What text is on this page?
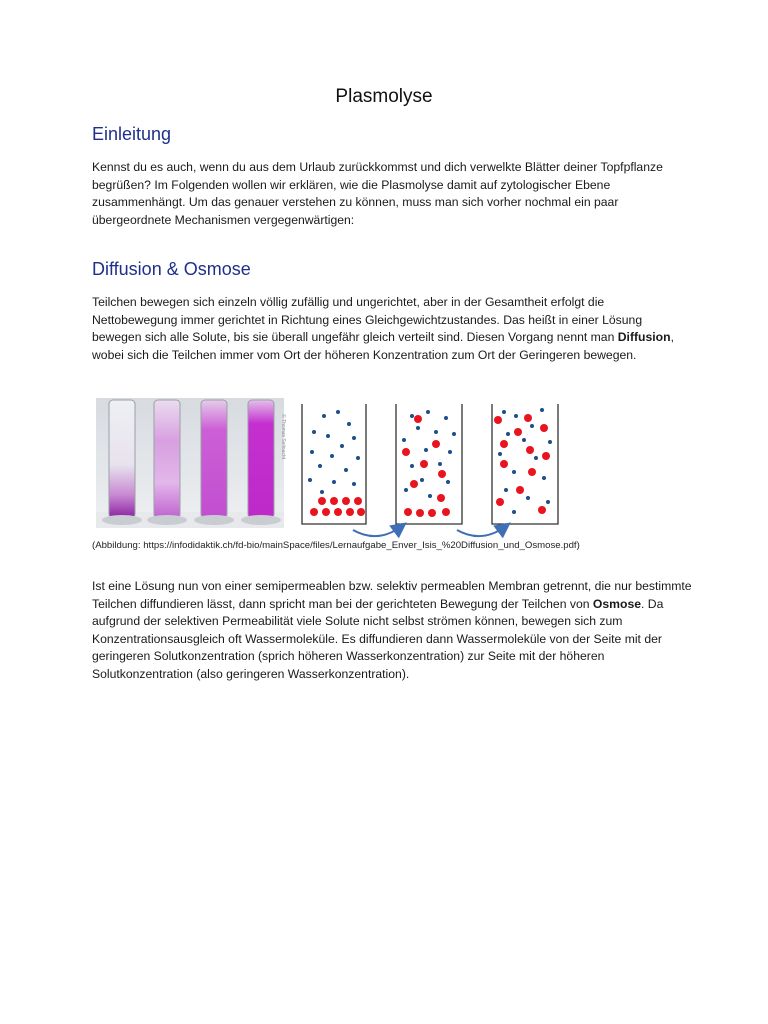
Plasmolyse
Einleitung
Kennst du es auch, wenn du aus dem Urlaub zurückkommst und dich verwelkte Blätter deiner Topfpflanze begrüßen? Im Folgenden wollen wir erklären, wie die Plasmolyse damit auf zytologischer Ebene zusammenhängt. Um das genauer verstehen zu können, muss man sich vorher nochmal ein paar übergeordnete Mechanismen vergegenwärtigen:
Diffusion & Osmose
Teilchen bewegen sich einzeln völlig zufällig und ungerichtet, aber in der Gesamtheit erfolgt die Nettobewegung immer gerichtet in Richtung eines Gleichgewichtzustandes. Das heißt in einer Lösung bewegen sich alle Solute, bis sie überall ungefähr gleich verteilt sind. Diesen Vorgang nennt man Diffusion, wobei sich die Teilchen immer vom Ort der höheren Konzentration zum Ort der Geringeren bewegen.
© Thomas Seilnacht
(Abbildung: https://infodidaktik.ch/fd-bio/mainSpace/files/Lernaufgabe_Enver_Isis_%20Diffusion_und_Osmose.pdf)
Ist eine Lösung nun von einer semipermeablen bzw. selektiv permeablen Membran getrennt, die nur bestimmte Teilchen diffundieren lässt, dann spricht man bei der gerichteten Bewegung der Teilchen von Osmose. Da aufgrund der selektiven Permeabilität viele Solute nicht selbst strömen können, bewegen sich zum Konzentrationsausgleich oft Wassermoleküle. Es diffundieren dann Wassermoleküle von der Seite mit der geringeren Solutkonzentration (sprich höheren Wasserkonzentration) zur Seite mit der höheren Solutkonzentration (also geringeren Wasserkonzentration).
